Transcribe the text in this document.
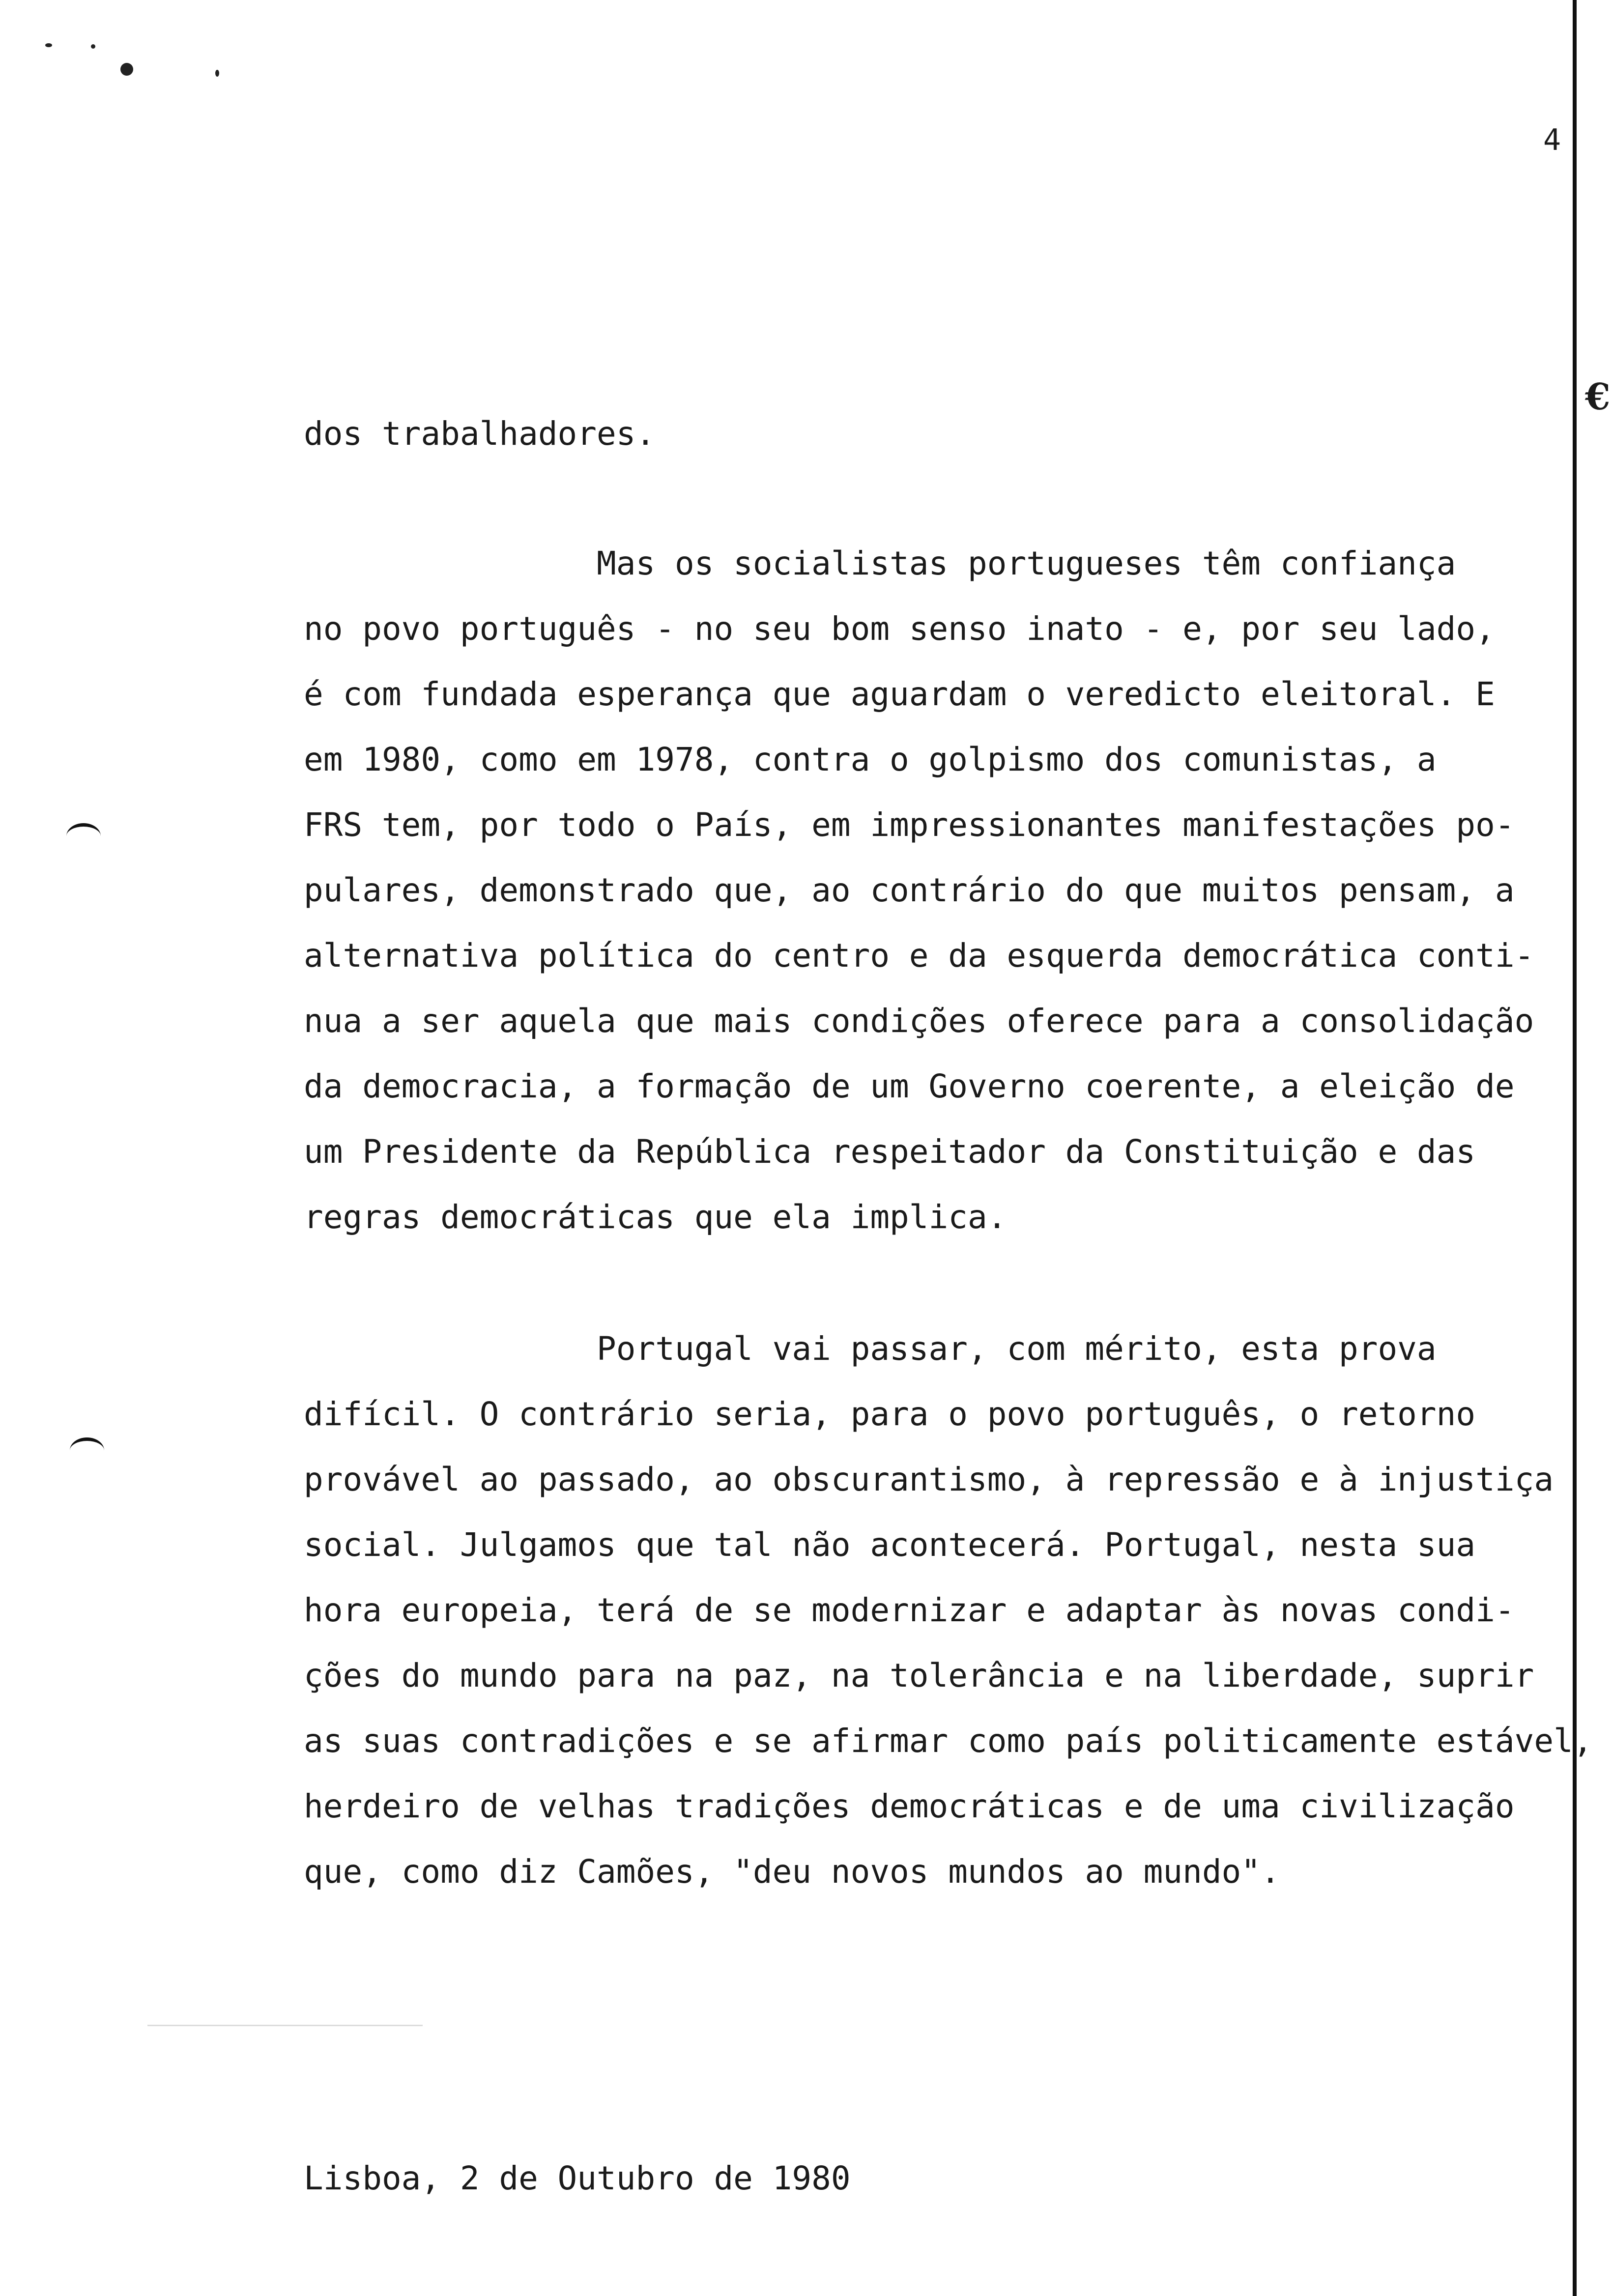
€
4
dos trabalhadores.
Mas os socialistas portugueses têm confiança
no povo português - no seu bom senso inato - e, por seu lado,
é com fundada esperança que aguardam o veredicto eleitoral. E
em 1980, como em 1978, contra o golpismo dos comunistas, a
FRS tem, por todo o País, em impressionantes manifestações po-
pulares, demonstrado que, ao contrário do que muitos pensam, a
alternativa política do centro e da esquerda democrática conti-
nua a ser aquela que mais condições oferece para a consolidação
da democracia, a formação de um Governo coerente, a eleição de
um Presidente da República respeitador da Constituição e das
regras democráticas que ela implica.
Portugal vai passar, com mérito, esta prova
difícil. O contrário seria, para o povo português, o retorno
provável ao passado, ao obscurantismo, à repressão e à injustiça
social. Julgamos que tal não acontecerá. Portugal, nesta sua
hora europeia, terá de se modernizar e adaptar às novas condi-
ções do mundo para na paz, na tolerância e na liberdade, suprir
as suas contradições e se afirmar como país politicamente estável,
herdeiro de velhas tradições democráticas e de uma civilização
que, como diz Camões, "deu novos mundos ao mundo".
Lisboa, 2 de Outubro de 1980
